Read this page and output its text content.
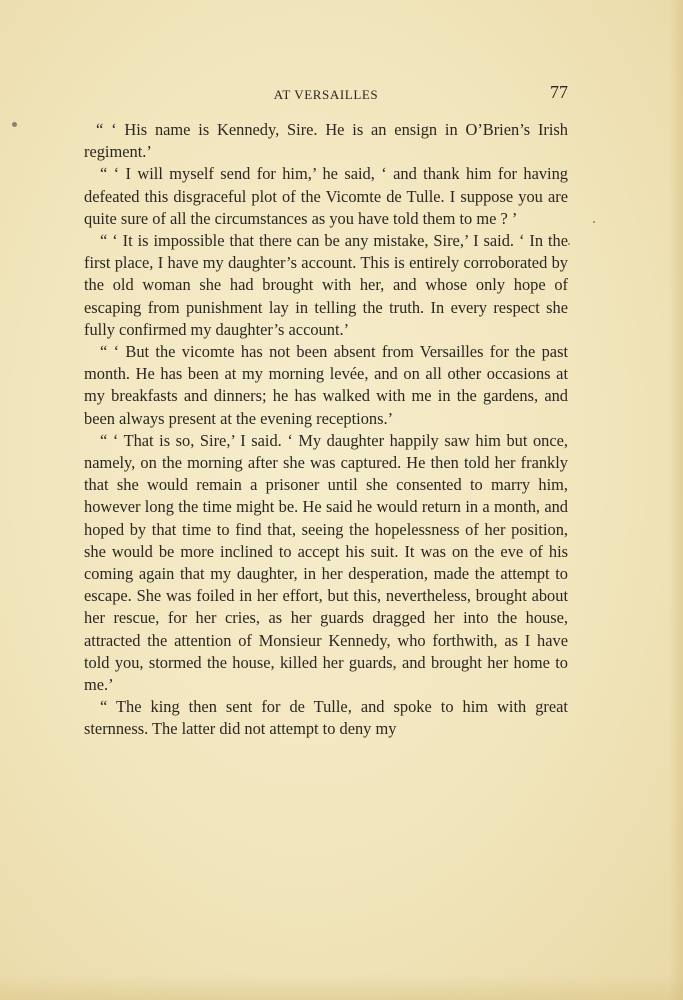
AT VERSAILLES	77

“ ‘ His name is Kennedy, Sire. He is an ensign in O’Brien’s Irish regiment.’

“ ‘ I will myself send for him,’ he said, ‘ and thank him for having defeated this disgraceful plot of the Vicomte de Tulle. I suppose you are quite sure of all the circumstances as you have told them to me ? ’

“ ‘ It is impossible that there can be any mistake, Sire,’ I said. ‘ In the first place, I have my daughter’s account. This is entirely corroborated by the old woman she had brought with her, and whose only hope of escaping from punishment lay in telling the truth. In every respect she fully confirmed my daughter’s account.’

“ ‘ But the vicomte has not been absent from Versailles for the past month. He has been at my morning levée, and on all other occasions at my breakfasts and dinners; he has walked with me in the gardens, and been always present at the evening receptions.’

“ ‘ That is so, Sire,’ I said. ‘ My daughter happily saw him but once, namely, on the morning after she was captured. He then told her frankly that she would remain a prisoner until she consented to marry him, however long the time might be. He said he would return in a month, and hoped by that time to find that, seeing the hopelessness of her position, she would be more inclined to accept his suit. It was on the eve of his coming again that my daughter, in her desperation, made the attempt to escape. She was foiled in her effort, but this, nevertheless, brought about her rescue, for her cries, as her guards dragged her into the house, attracted the attention of Monsieur Kennedy, who forthwith, as I have told you, stormed the house, killed her guards, and brought her home to me.’

“ The king then sent for de Tulle, and spoke to him with great sternness. The latter did not attempt to deny my
